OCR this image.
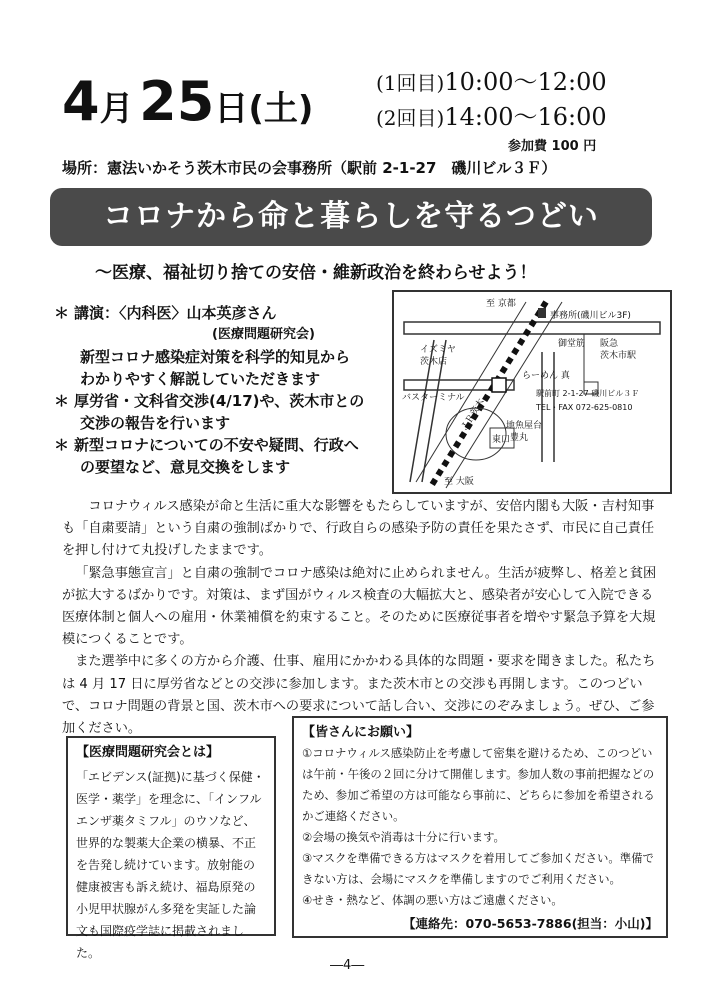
4月 25日(土)
(1回目)10:00～12:00
(2回目)14:00～16:00
参加費 100 円
場所：憲法いかそう茨木市民の会事務所（駅前 2-1-27　磯川ビル３Ｆ）
コロナから命と暮らしを守るつどい
～医療、福祉切り捨ての安倍・維新政治を終わらせよう！
＊ 講演：〈内科医〉山本英彦さん
(医療問題研究会)
新型コロナ感染症対策を科学的知見から
わかりやすく解説していただきます
＊ 厚労省・文科省交渉(4/17)や、茨木市との
交渉の報告を行います
＊ 新型コロナについての不安や疑問、行政へ
の要望など、意見交換をします
至 京都
事務所(磯川ビル3F)
イズミヤ
茨木店
バスターミナル
御堂筋 阪急
茨木市駅
らーめん 真
駅前町 2-1-27 磯川ビル３Ｆ
TEL・FAX 072-625-0810
ＪＲ茨木
東口
地魚屋台
豊丸
至 大阪

コロナウィルス感染が命と生活に重大な影響をもたらしていますが、安倍内閣も大阪・吉村知事も「自粛要請」という自粛の強制ばかりで、行政自らの感染予防の責任を果たさず、市民に自己責任を押し付けて丸投げしたままです。

「緊急事態宣言」と自粛の強制でコロナ感染は絶対に止められません。生活が疲弊し、格差と貧困が拡大するばかりです。対策は、まず国がウィルス検査の大幅拡大と、感染者が安心して入院できる医療体制と個人への雇用・休業補償を約束すること。そのために医療従事者を増やす緊急予算を大規模につくることです。

また選挙中に多くの方から介護、仕事、雇用にかかわる具体的な問題・要求を聞きました。私たちは 4 月 17 日に厚労省などとの交渉に参加します。また茨木市との交渉も再開します。このつどいで、コロナ問題の背景と国、茨木市への要求について話し合い、交渉にのぞみましょう。ぜひ、ご参加ください。

【医療問題研究会とは】
「エビデンス(証拠)に基づく保健・医学・薬学」を理念に、「インフルエンザ薬タミフル」のウソなど、世界的な製薬大企業の横暴、不正を告発し続けています。放射能の健康被害も訴え続け、福島原発の小児甲状腺がん多発を実証した論文も国際疫学誌に掲載されました。
【皆さんにお願い】
①コロナウィルス感染防止を考慮して密集を避けるため、このつどいは午前・午後の２回に分けて開催します。参加人数の事前把握などのため、参加ご希望の方は可能なら事前に、どちらに参加を希望されるかご連絡ください。
②会場の換気や消毒は十分に行います。
③マスクを準備できる方はマスクを着用してご参加ください。準備できない方は、会場にマスクを準備しますのでご利用ください。
④せき・熱など、体調の悪い方はご遠慮ください。
【連絡先：070-5653-7886(担当：小山)】
―4―
